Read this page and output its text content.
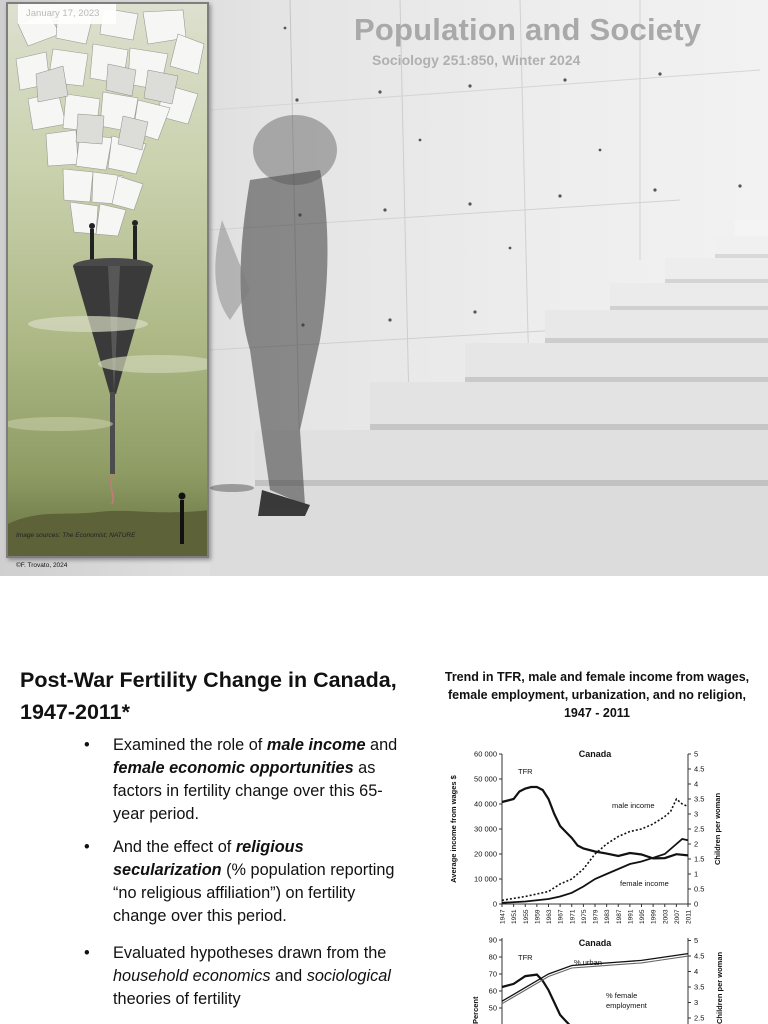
Image sources: The Economist; NATURE
January 17, 2023	Population and Society
Sociology 251:850, Winter 2024
©F. Trovato, 2024
Post-War Fertility Change in Canada,
1947-2011*
• Examined the role of male income and female economic opportunities as factors in fertility change over this 65-year period.
• And the effect of religious secularization (% population reporting “no religious affiliation”) on fertility change over this period.
• Evaluated hypotheses drawn from the household economics and sociological theories of fertility
Trend in TFR, male and female income from wages,
female employment, urbanization, and no religion,
1947 - 2011
0
10 000
20 000
30 000
40 000
50 000
60 000
0
0.5
1
1.5
2
2.5
3
3.5
4
4.5
5
1947 1951 1955 1959 1963 1967 1971 1975 1979 1983 1987 1991 1995 1999 2003 2007 2011
Canada
Average income from wages $	Children per woman
TFR
male income
female income
50
60
70
80
90
2.5
3
3.5
4
4.5
5
Canada
Percent	Children per woman
TFR
% urban
% female
employment
